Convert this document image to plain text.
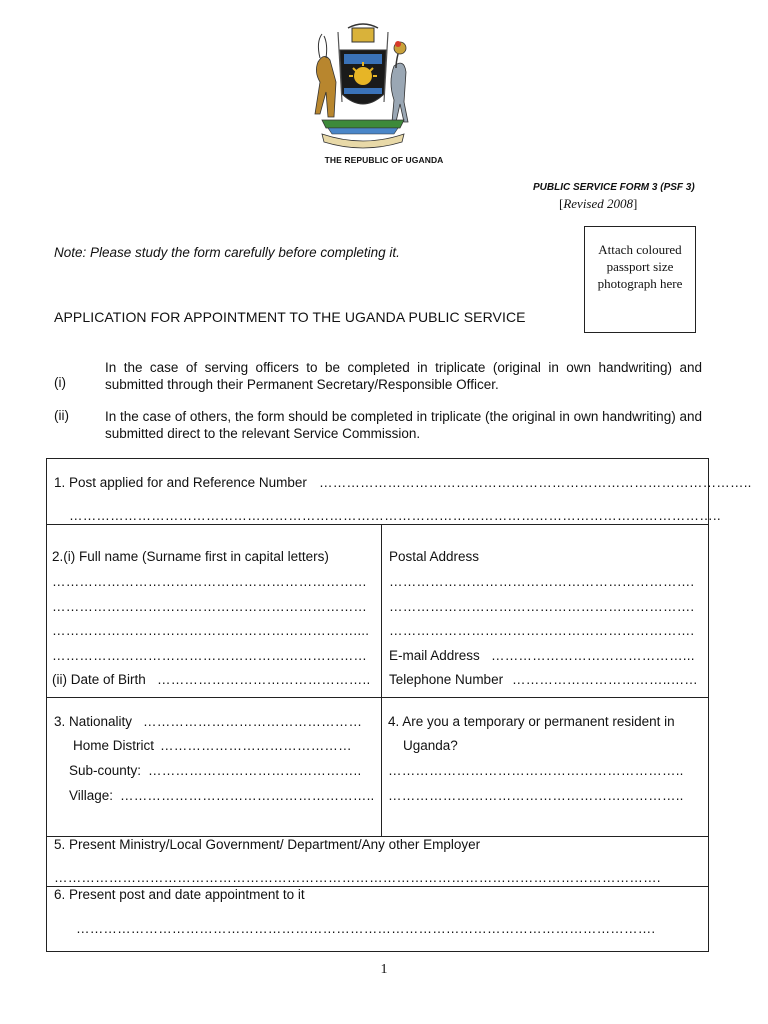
THE REPUBLIC OF UGANDA
PUBLIC SERVICE FORM 3 (PSF 3)
[Revised 2008]
Note: Please study the form carefully before completing it.	Attach coloured
passport size
photograph here
APPLICATION FOR APPOINTMENT TO THE UGANDA PUBLIC SERVICE
In the case of serving officers to be completed in triplicate (original in own handwriting) and submitted through their Permanent Secretary/Responsible Officer.
(i)
In the case of others, the form should be completed in triplicate (the original in own handwriting) and submitted direct to the relevant Service Commission.
(ii)
1. Post applied for and Reference Number …………………………………………………………………………………..
……………………………………………………………………………………………………………………………..
2.(i) Full name (Surname first in capital letters)
……………………………………………………………
……………………………………………………………
…………………………………………………………....
……………………………………………………………
(ii) Date of Birth ………………………………………..
Postal Address
………………………………………………………….
………………………………………………………….
………………………………………………………….
E-mail Address ……………………………………...
Telephone Number ……………………………..……
3. Nationality …………………………………………
Home District ……………………………………
Sub-county: ………………………………………..
Village: ………………………………………………..
4. Are you a temporary or permanent resident in
Uganda?
………………………………………………………..
………………………………………………………..
5. Present Ministry/Local Government/ Department/Any other Employer
…………………………………………………………………………………………………………………….
6. Present post and date appointment to it
……………………………………………………………………………………………………………….
1
